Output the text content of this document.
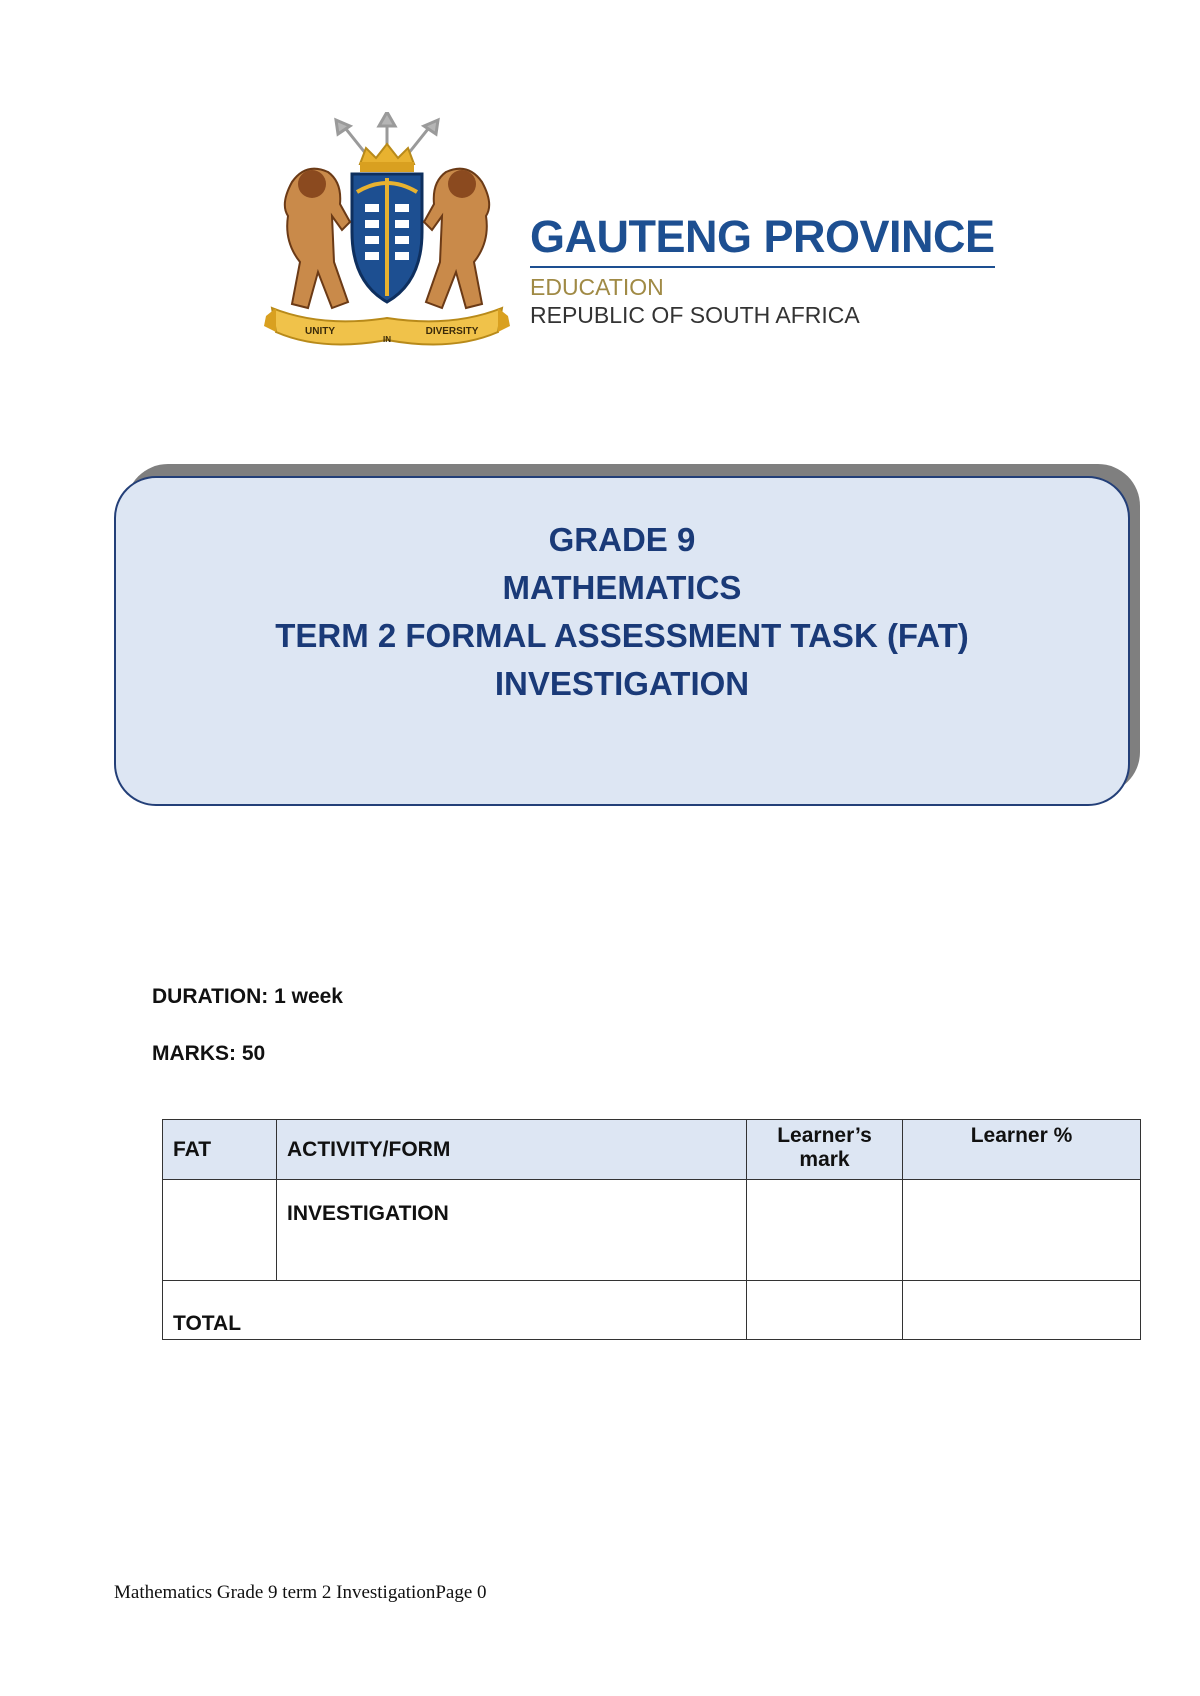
UNITY
IN
DIVERSITY
GAUTENG PROVINCE
EDUCATION
REPUBLIC OF SOUTH AFRICA
GRADE 9
MATHEMATICS
TERM 2 FORMAL ASSESSMENT TASK (FAT)
INVESTIGATION
DURATION: 1 week
MARKS: 50
FAT	ACTIVITY/FORM	Learner’s mark	Learner %
	INVESTIGATION		
TOTAL			
Mathematics Grade 9 term 2 InvestigationPage 0
